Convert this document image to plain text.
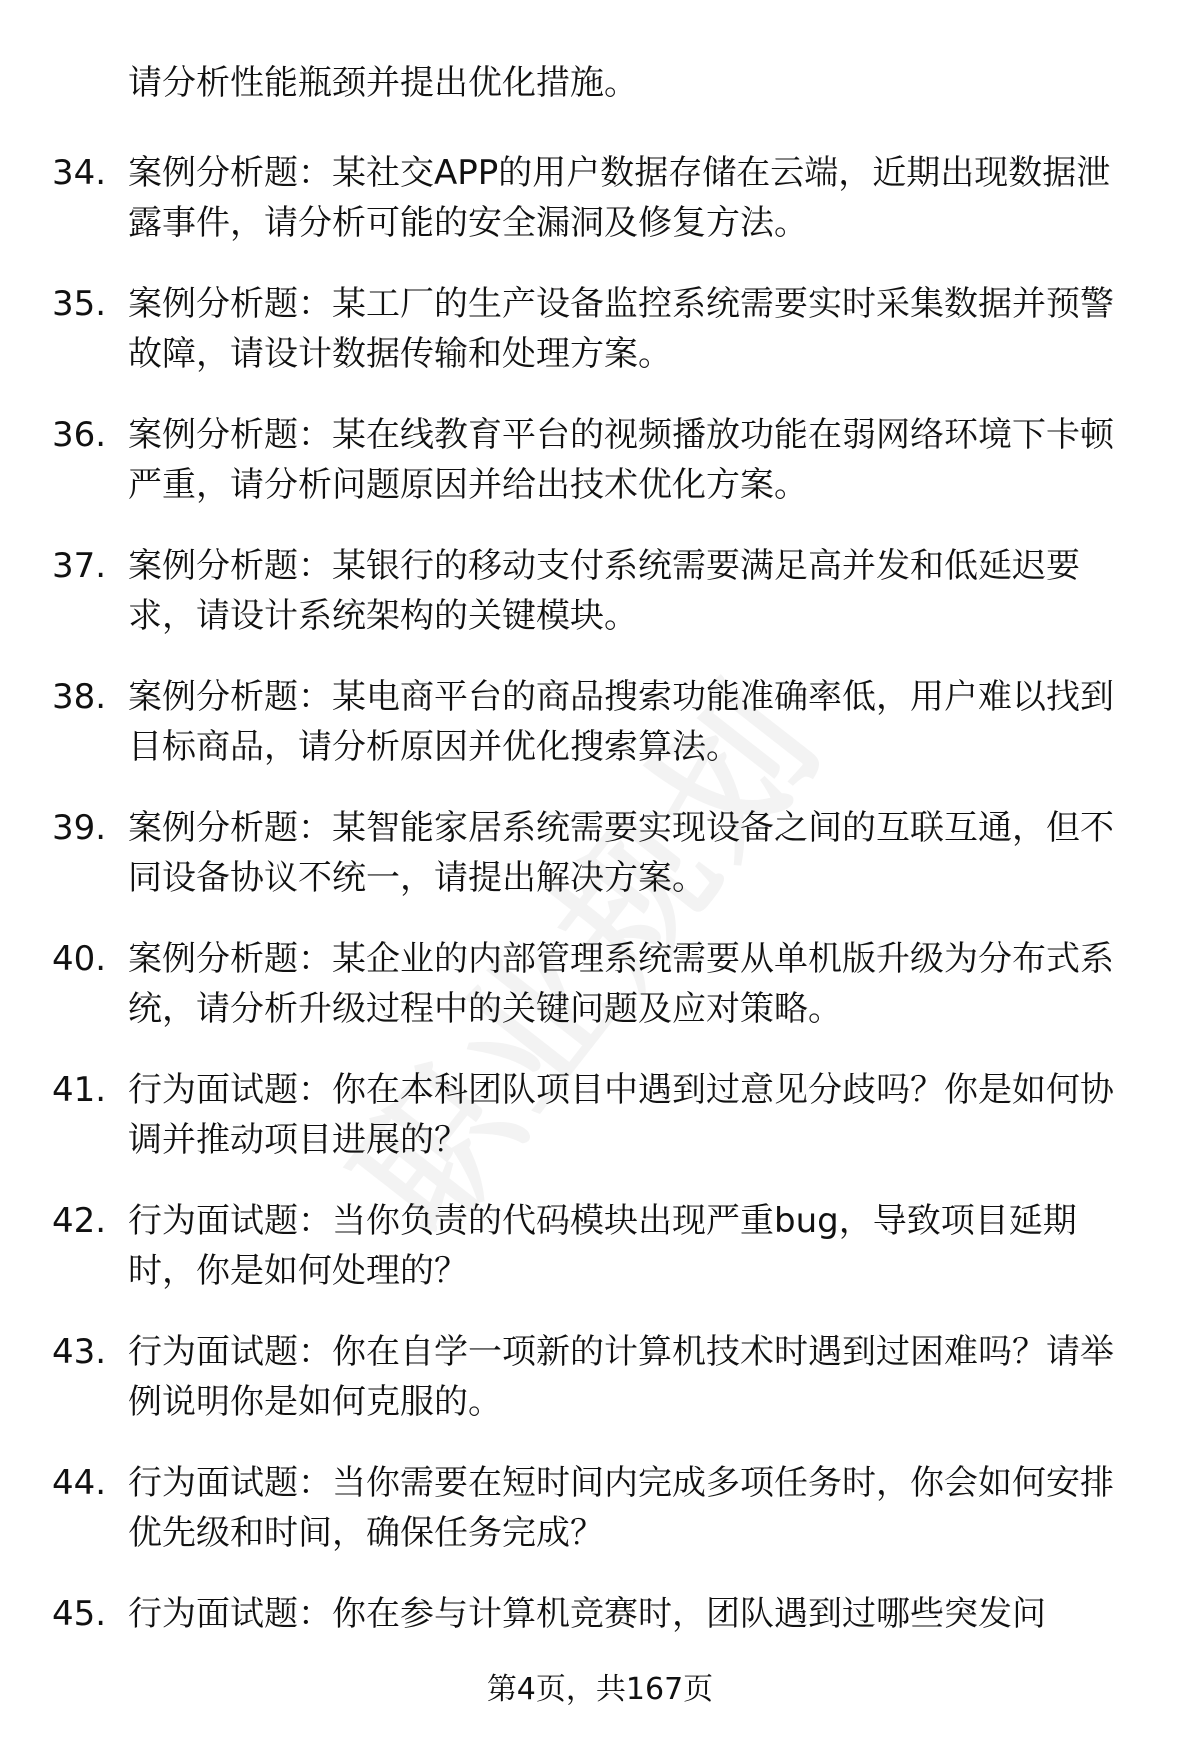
请分析性能瓶颈并提出优化措施。

34. 案例分析题：某社交APP的用户数据存储在云端，近期出现数据泄露事件，请分析可能的安全漏洞及修复方法。

35. 案例分析题：某工厂的生产设备监控系统需要实时采集数据并预警故障，请设计数据传输和处理方案。

36. 案例分析题：某在线教育平台的视频播放功能在弱网络环境下卡顿严重，请分析问题原因并给出技术优化方案。

37. 案例分析题：某银行的移动支付系统需要满足高并发和低延迟要求，请设计系统架构的关键模块。

38. 案例分析题：某电商平台的商品搜索功能准确率低，用户难以找到目标商品，请分析原因并优化搜索算法。

39. 案例分析题：某智能家居系统需要实现设备之间的互联互通，但不同设备协议不统一，请提出解决方案。

40. 案例分析题：某企业的内部管理系统需要从单机版升级为分布式系统，请分析升级过程中的关键问题及应对策略。

41. 行为面试题：你在本科团队项目中遇到过意见分歧吗？你是如何协调并推动项目进展的？

42. 行为面试题：当你负责的代码模块出现严重bug，导致项目延期时，你是如何处理的？

43. 行为面试题：你在自学一项新的计算机技术时遇到过困难吗？请举例说明你是如何克服的。

44. 行为面试题：当你需要在短时间内完成多项任务时，你会如何安排优先级和时间，确保任务完成？

45. 行为面试题：你在参与计算机竞赛时，团队遇到过哪些突发问

第4页，共167页
